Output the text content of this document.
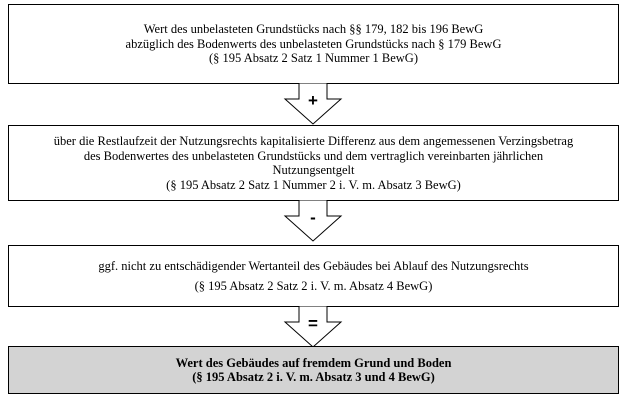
Wert des unbelasteten Grundstücks nach §§ 179, 182 bis 196 BewG
abzüglich des Bodenwerts des unbelasteten Grundstücks nach § 179 BewG
(§ 195 Absatz 2 Satz 1 Nummer 1 BewG)
+
über die Restlaufzeit der Nutzungsrechts kapitalisierte Differenz aus dem angemessenen Verzingsbetrag
des Bodenwertes des unbelasteten Grundstücks und dem vertraglich vereinbarten jährlichen
Nutzungsentgelt
(§ 195 Absatz 2 Satz 1 Nummer 2 i. V. m. Absatz 3 BewG)
-
ggf. nicht zu entschädigender Wertanteil des Gebäudes bei Ablauf des Nutzungsrechts
(§ 195 Absatz 2 Satz 2 i. V. m. Absatz 4 BewG)
=
Wert des Gebäudes auf fremdem Grund und Boden
(§ 195 Absatz 2 i. V. m. Absatz 3 und 4 BewG)
